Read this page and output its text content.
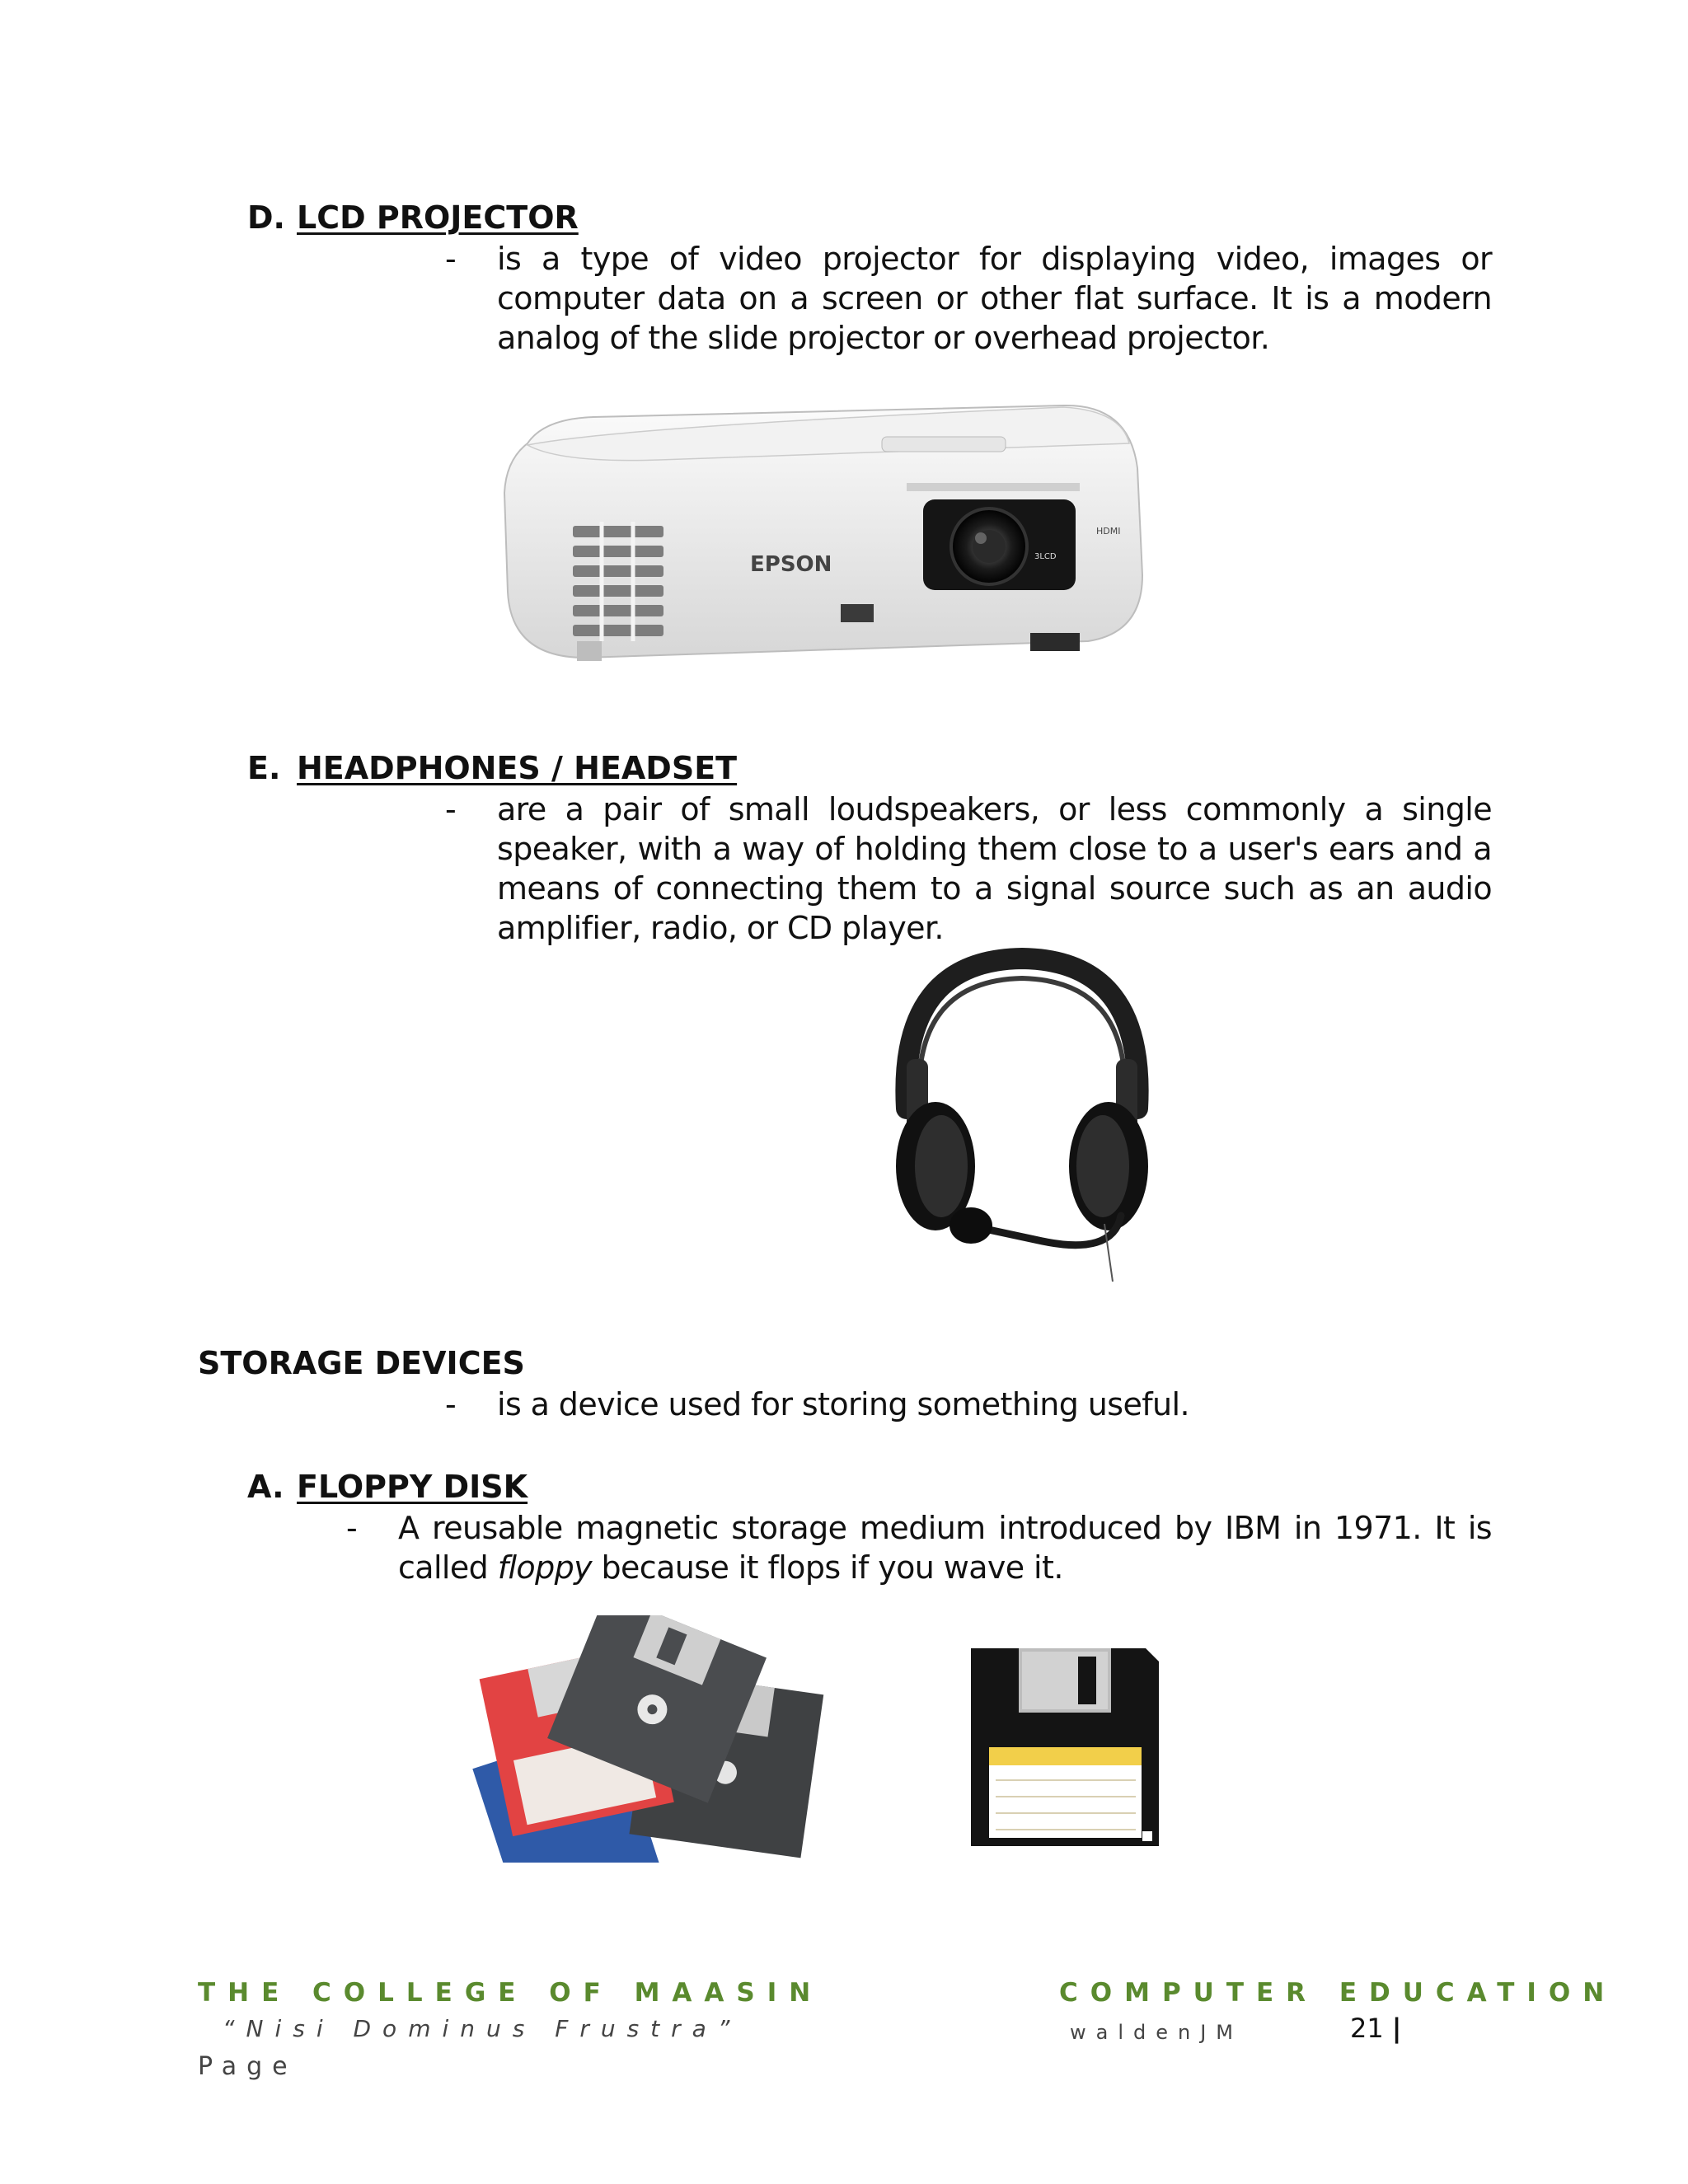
D. LCD PROJECTOR
- is a type of video projector for displaying video, images or computer data on a screen or other flat surface. It is a modern analog of the slide projector or overhead projector.
3LCD
HDMI
EPSON
E. HEADPHONES / HEADSET
- are a pair of small loudspeakers, or less commonly a single speaker, with a way of holding them close to a user's ears and a means of connecting them to a signal source such as an audio amplifier, radio, or CD player.
STORAGE DEVICES
- is a device used for storing something useful.
A. FLOPPY DISK
- A reusable magnetic storage medium introduced by IBM in 1971. It is called floppy because it flops if you wave it.
THE COLLEGE OF MAASIN
“Nisi Dominus Frustra”
COMPUTER EDUCATION
waldenJM	21 |
Page
